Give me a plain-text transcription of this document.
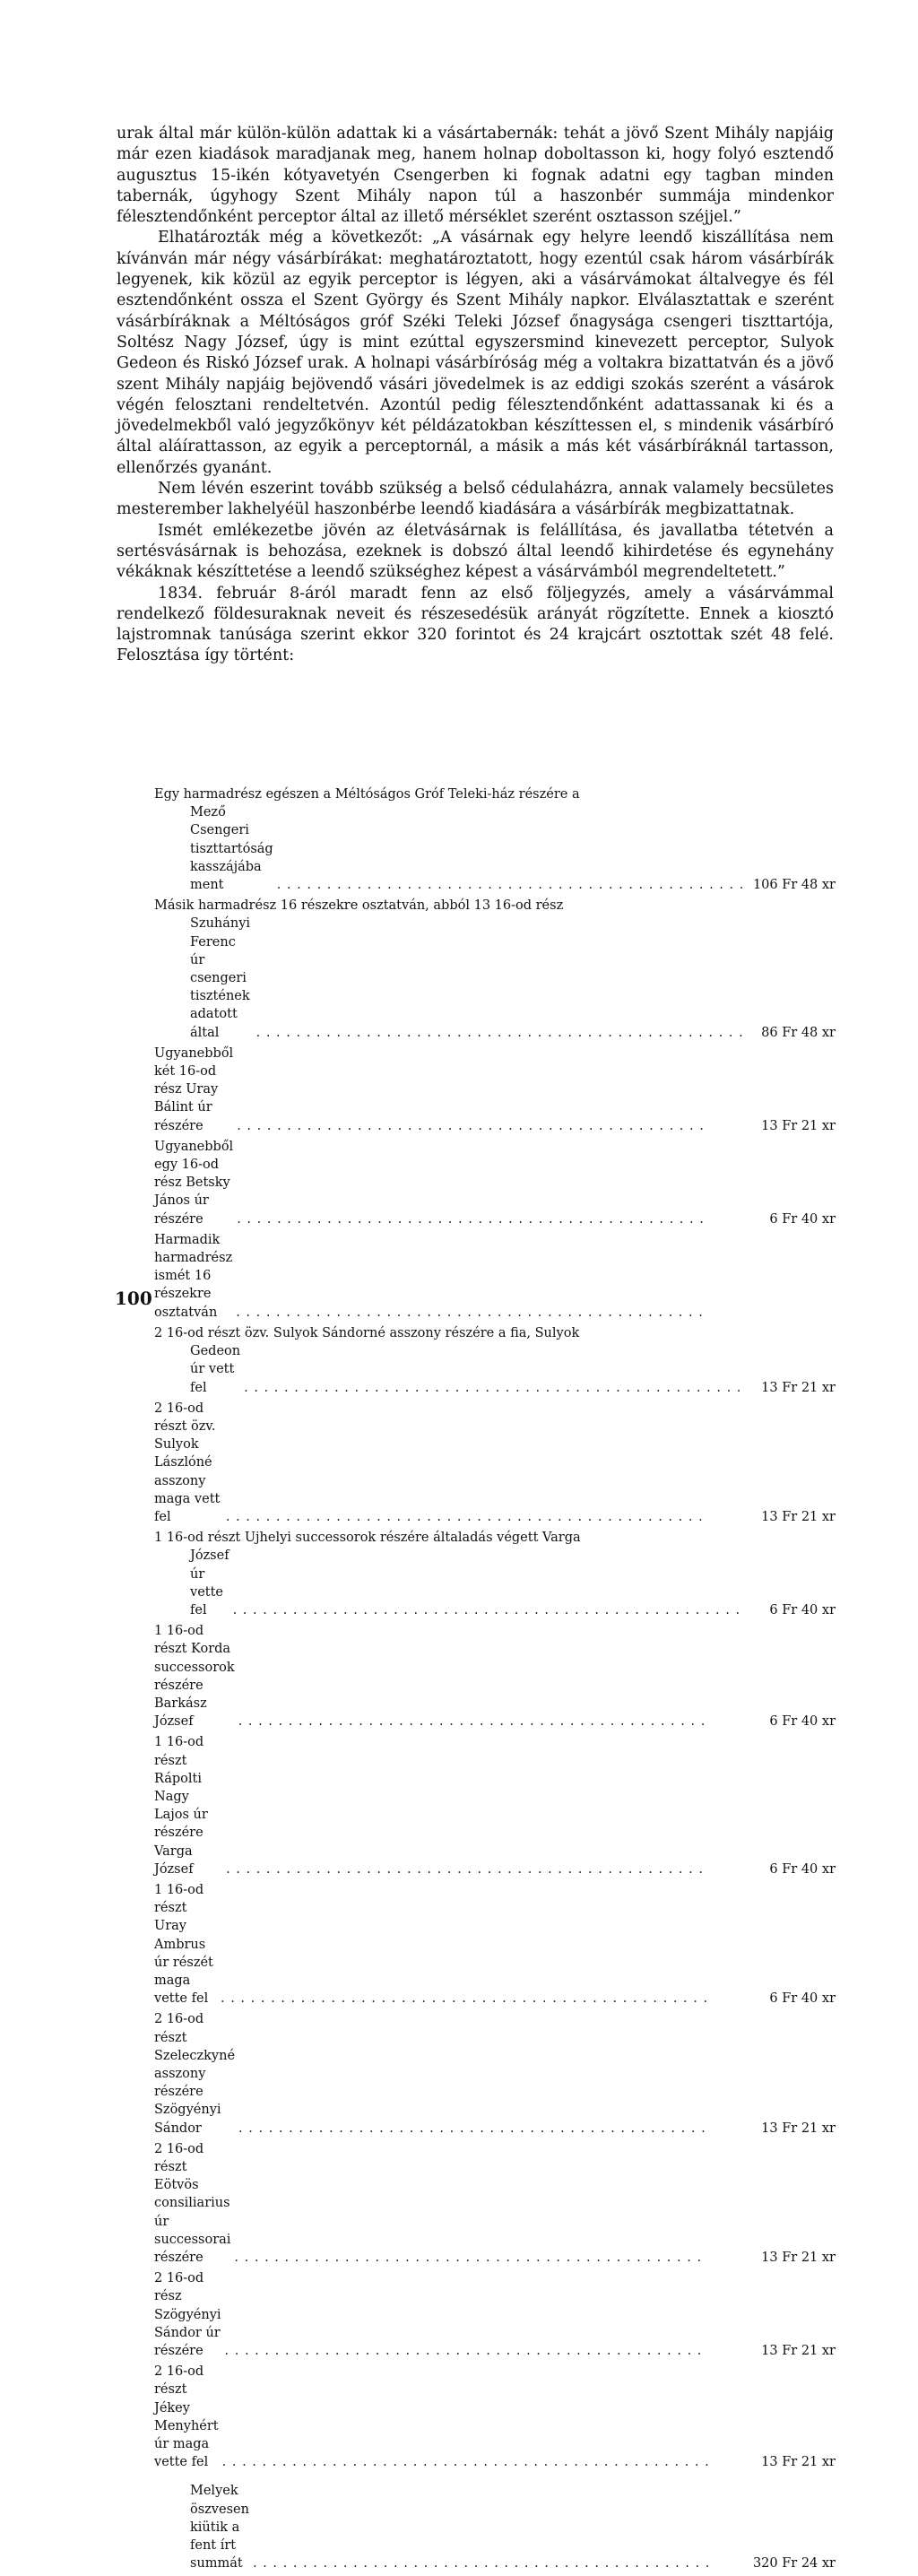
urak által már külön-külön adattak ki a vásártabernák: tehát a jövő Szent Mihály napjáig már ezen kiadások maradjanak meg, hanem holnap doboltasson ki, hogy folyó esztendő augusztus 15-ikén kótyavetyén Csengerben ki fognak adatni egy tagban minden tabernák, úgyhogy Szent Mihály napon túl a haszonbér summája mindenkor félesztendőnként perceptor által az illető mérséklet szerént osztasson széjjel.”

Elhatározták még a következőt: „A vásárnak egy helyre leendő kiszállítása nem kívánván már négy vásárbírákat: meghatároztatott, hogy ezentúl csak három vásárbírák legyenek, kik közül az egyik perceptor is légyen, aki a vásárvámokat általvegye és fél esztendőnként ossza el Szent György és Szent Mihály napkor. Elválasztattak e szerént vásárbíráknak a Méltóságos gróf Széki Teleki József őnagysága csengeri tiszttartója, Soltész Nagy József, úgy is mint ezúttal egyszersmind kinevezett perceptor, Sulyok Gedeon és Riskó József urak. A holnapi vásárbíróság még a voltakra bizattatván és a jövő szent Mihály napjáig bejövendő vásári jövedelmek is az eddigi szokás szerént a vásárok végén felosztani rendeltetvén. Azontúl pedig félesztendőnként adattassanak ki és a jövedelmekből való jegyzőkönyv két példázatokban készíttessen el, s mindenik vásárbíró által aláírattasson, az egyik a perceptornál, a másik a más két vásárbíráknál tartasson, ellenőrzés gyanánt.

Nem lévén eszerint tovább szükség a belső cédulaházra, annak valamely becsületes mesterember lakhelyéül haszonbérbe leendő kiadására a vásárbírák megbizattatnak.

Ismét emlékezetbe jövén az életvásárnak is felállítása, és javallatba tétetvén a sertésvásárnak is behozása, ezeknek is dobszó által leendő kihirdetése és egynehány vékáknak készíttetése a leendő szükséghez képest a vásárvámból megrendeltetett.”

1834. február 8-áról maradt fenn az első följegyzés, amely a vásárvámmal rendelkező földesuraknak neveit és részesedésük arányát rögzítette. Ennek a kiosztó lajstromnak tanúsága szerint ekkor 320 forintot és 24 krajcárt osztottak szét 48 felé. Felosztása így történt:

Egy harmadrész egészen a Méltóságos Gróf Teleki-ház részére a
Mező Csengeri tiszttartóság kasszájába ment . . .	106 Fr 48 xr
Másik harmadrész 16 részekre osztatván, abból 13 16-od rész
Szuhányi Ferenc úr csengeri tisztének adatott által . . .	86 Fr 48 xr
Ugyanebből két 16-od rész Uray Bálint úr részére . . .	13 Fr 21 xr
Ugyanebből egy 16-od rész Betsky János úr részére . . .	6 Fr 40 xr
Harmadik harmadrész ismét 16 részekre osztatván
. . .
2 16-od részt özv. Sulyok Sándorné asszony részére a fia, Sulyok
Gedeon úr vett fel . . .	13 Fr 21 xr
2 16-od részt özv. Sulyok Lászlóné asszony maga vett fel . . .	13 Fr 21 xr
1 16-od részt Ujhelyi successorok részére általadás végett Varga
József úr vette fel . . .	6 Fr 40 xr
1 16-od részt Korda successorok részére Barkász József . . .	6 Fr 40 xr
1 16-od részt Rápolti Nagy Lajos úr részére Varga József . . .	6 Fr 40 xr
1 16-od részt Uray Ambrus úr részét maga vette fel . . .	6 Fr 40 xr
2 16-od részt Szeleczkyné asszony részére Szögyényi Sándor . . .	13 Fr 21 xr
2 16-od részt Eötvös consiliarius úr successorai részére . . .	13 Fr 21 xr
2 16-od rész Szögyényi Sándor úr részére . . .	13 Fr 21 xr
2 16-od részt Jékey Menyhért úr maga vette fel . . .	13 Fr 21 xr
Melyek öszvesen kiütik a fent írt summát . . .	320 Fr 24 xr
100
